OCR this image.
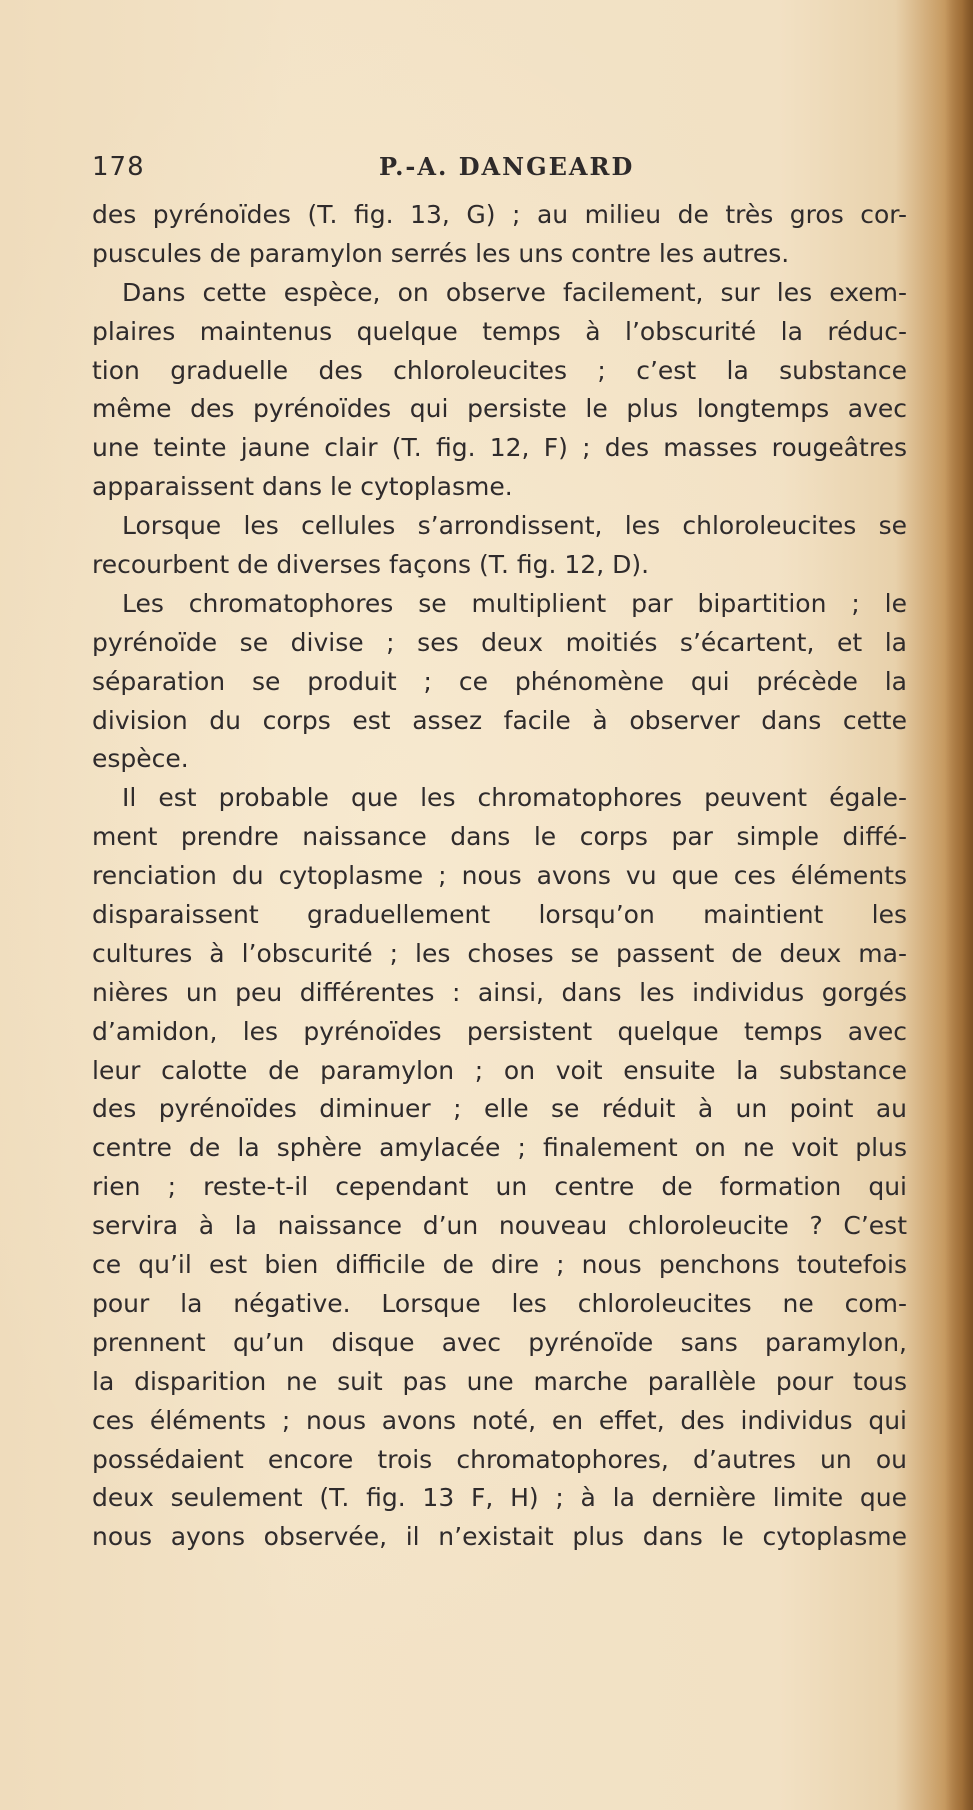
178	P.-A. DANGEARD
des pyrénoïdes (T. fig. 13, G) ; au milieu de très gros cor-
puscules de paramylon serrés les uns contre les autres.
Dans cette espèce, on observe facilement, sur les exem-
plaires maintenus quelque temps à l’obscurité la réduc-
tion graduelle des chloroleucites ; c’est la substance
même des pyrénoïdes qui persiste le plus longtemps avec
une teinte jaune clair (T. fig. 12, F) ; des masses rougeâtres
apparaissent dans le cytoplasme.
Lorsque les cellules s’arrondissent, les chloroleucites se
recourbent de diverses façons (T. fig. 12, D).
Les chromatophores se multiplient par bipartition ; le
pyrénoïde se divise ; ses deux moitiés s’écartent, et la
séparation se produit ; ce phénomène qui précède la
division du corps est assez facile à observer dans cette
espèce.
Il est probable que les chromatophores peuvent égale-
ment prendre naissance dans le corps par simple diffé-
renciation du cytoplasme ; nous avons vu que ces éléments
disparaissent graduellement lorsqu’on maintient les
cultures à l’obscurité ; les choses se passent de deux ma-
nières un peu différentes : ainsi, dans les individus gorgés
d’amidon, les pyrénoïdes persistent quelque temps avec
leur calotte de paramylon ; on voit ensuite la substance
des pyrénoïdes diminuer ; elle se réduit à un point au
centre de la sphère amylacée ; finalement on ne voit plus
rien ; reste-t-il cependant un centre de formation qui
servira à la naissance d’un nouveau chloroleucite ? C’est
ce qu’il est bien difficile de dire ; nous penchons toutefois
pour la négative. Lorsque les chloroleucites ne com-
prennent qu’un disque avec pyrénoïde sans paramylon,
la disparition ne suit pas une marche parallèle pour tous
ces éléments ; nous avons noté, en effet, des individus qui
possédaient encore trois chromatophores, d’autres un ou
deux seulement (T. fig. 13 F, H) ; à la dernière limite que
nous ayons observée, il n’existait plus dans le cytoplasme
